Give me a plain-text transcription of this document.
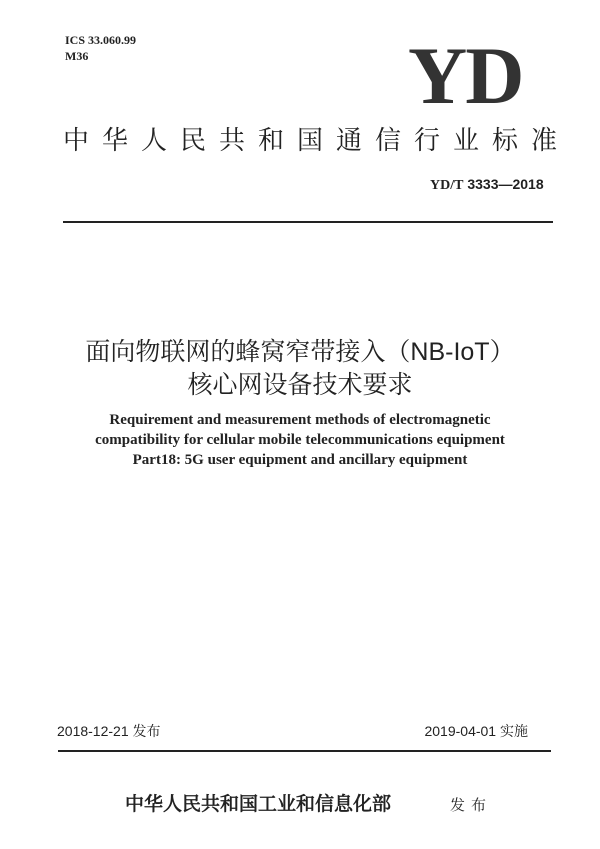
ICS 33.060.99
M36	YD
中华人民共和国通信行业标准
YD/T 3333—2018
面向物联网的蜂窝窄带接入（NB-IoT）
核心网设备技术要求
Requirement and measurement methods of electromagnetic
compatibility for cellular mobile telecommunications equipment
Part18: 5G user equipment and ancillary equipment
2018-12-21 发布	2019-04-01 实施
中华人民共和国工业和信息化部	发布
